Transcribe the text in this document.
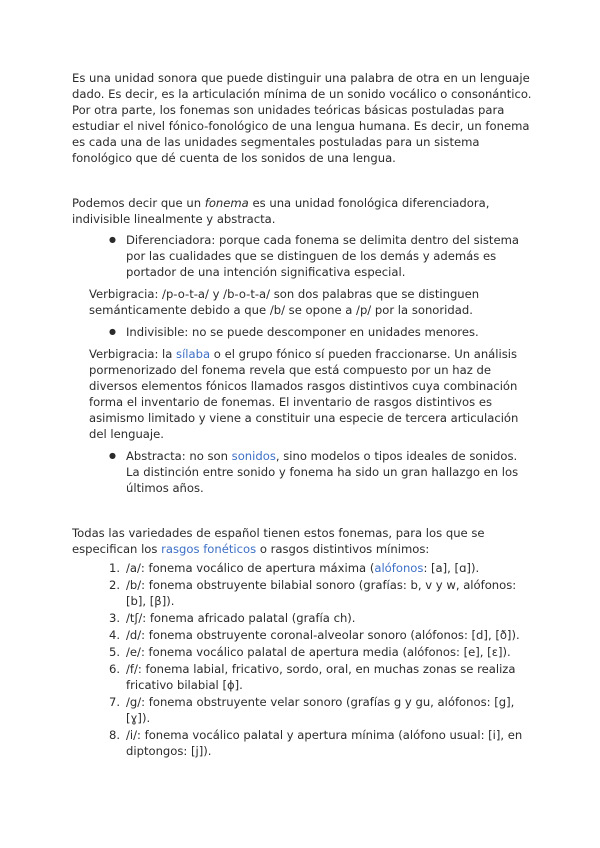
Es una unidad sonora que puede distinguir una palabra de otra en un lenguaje dado. Es decir, es la articulación mínima de un sonido vocálico o consonántico. Por otra parte, los fonemas son unidades teóricas básicas postuladas para estudiar el nivel fónico-fonológico de una lengua humana. Es decir, un fonema es cada una de las unidades segmentales postuladas para un sistema fonológico que dé cuenta de los sonidos de una lengua.

Podemos decir que un fonema es una unidad fonológica diferenciadora, indivisible linealmente y abstracta.

● Diferenciadora: porque cada fonema se delimita dentro del sistema por las cualidades que se distinguen de los demás y además es portador de una intención significativa especial.

Verbigracia: /p-o-t-a/ y /b-o-t-a/ son dos palabras que se distinguen semánticamente debido a que /b/ se opone a /p/ por la sonoridad.

● Indivisible: no se puede descomponer en unidades menores.

Verbigracia: la sílaba o el grupo fónico sí pueden fraccionarse. Un análisis pormenorizado del fonema revela que está compuesto por un haz de diversos elementos fónicos llamados rasgos distintivos cuya combinación forma el inventario de fonemas. El inventario de rasgos distintivos es asimismo limitado y viene a constituir una especie de tercera articulación del lenguaje.

● Abstracta: no son sonidos, sino modelos o tipos ideales de sonidos. La distinción entre sonido y fonema ha sido un gran hallazgo en los últimos años.

Todas las variedades de español tienen estos fonemas, para los que se especifican los rasgos fonéticos o rasgos distintivos mínimos:

1. /a/: fonema vocálico de apertura máxima (alófonos: [a], [ɑ]).
2. /b/: fonema obstruyente bilabial sonoro (grafías: b, v y w, alófonos: [b], [β]).
3. /tʃ/: fonema africado palatal (grafía ch).
4. /d/: fonema obstruyente coronal-alveolar sonoro (alófonos: [d], [ð]).
5. /e/: fonema vocálico palatal de apertura media (alófonos: [e], [ɛ]).
6. /f/: fonema labial, fricativo, sordo, oral, en muchas zonas se realiza fricativo bilabial [ɸ].
7. /g/: fonema obstruyente velar sonoro (grafías g y gu, alófonos: [g], [ɣ]).
8. /i/: fonema vocálico palatal y apertura mínima (alófono usual: [i], en diptongos: [j]).
